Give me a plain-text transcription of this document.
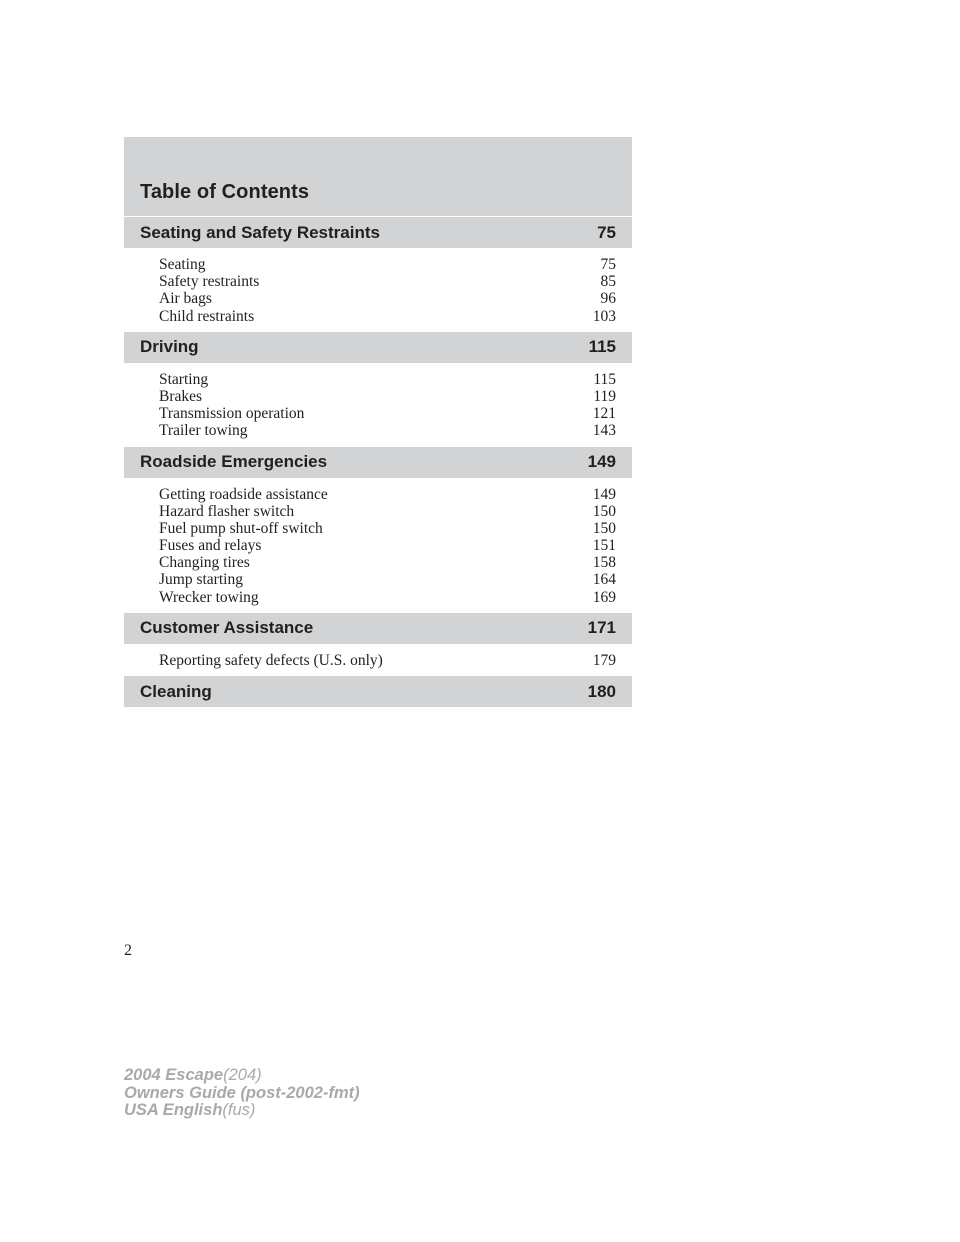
Table of Contents
Seating and Safety Restraints	75
Seating	75
Safety restraints	85
Air bags	96
Child restraints	103
Driving	115
Starting	115
Brakes	119
Transmission operation	121
Trailer towing	143
Roadside Emergencies	149
Getting roadside assistance	149
Hazard flasher switch	150
Fuel pump shut-off switch	150
Fuses and relays	151
Changing tires	158
Jump starting	164
Wrecker towing	169
Customer Assistance	171
Reporting safety defects (U.S. only)	179
Cleaning	180
2
2004 Escape(204)
Owners Guide (post-2002-fmt)
USA English(fus)
